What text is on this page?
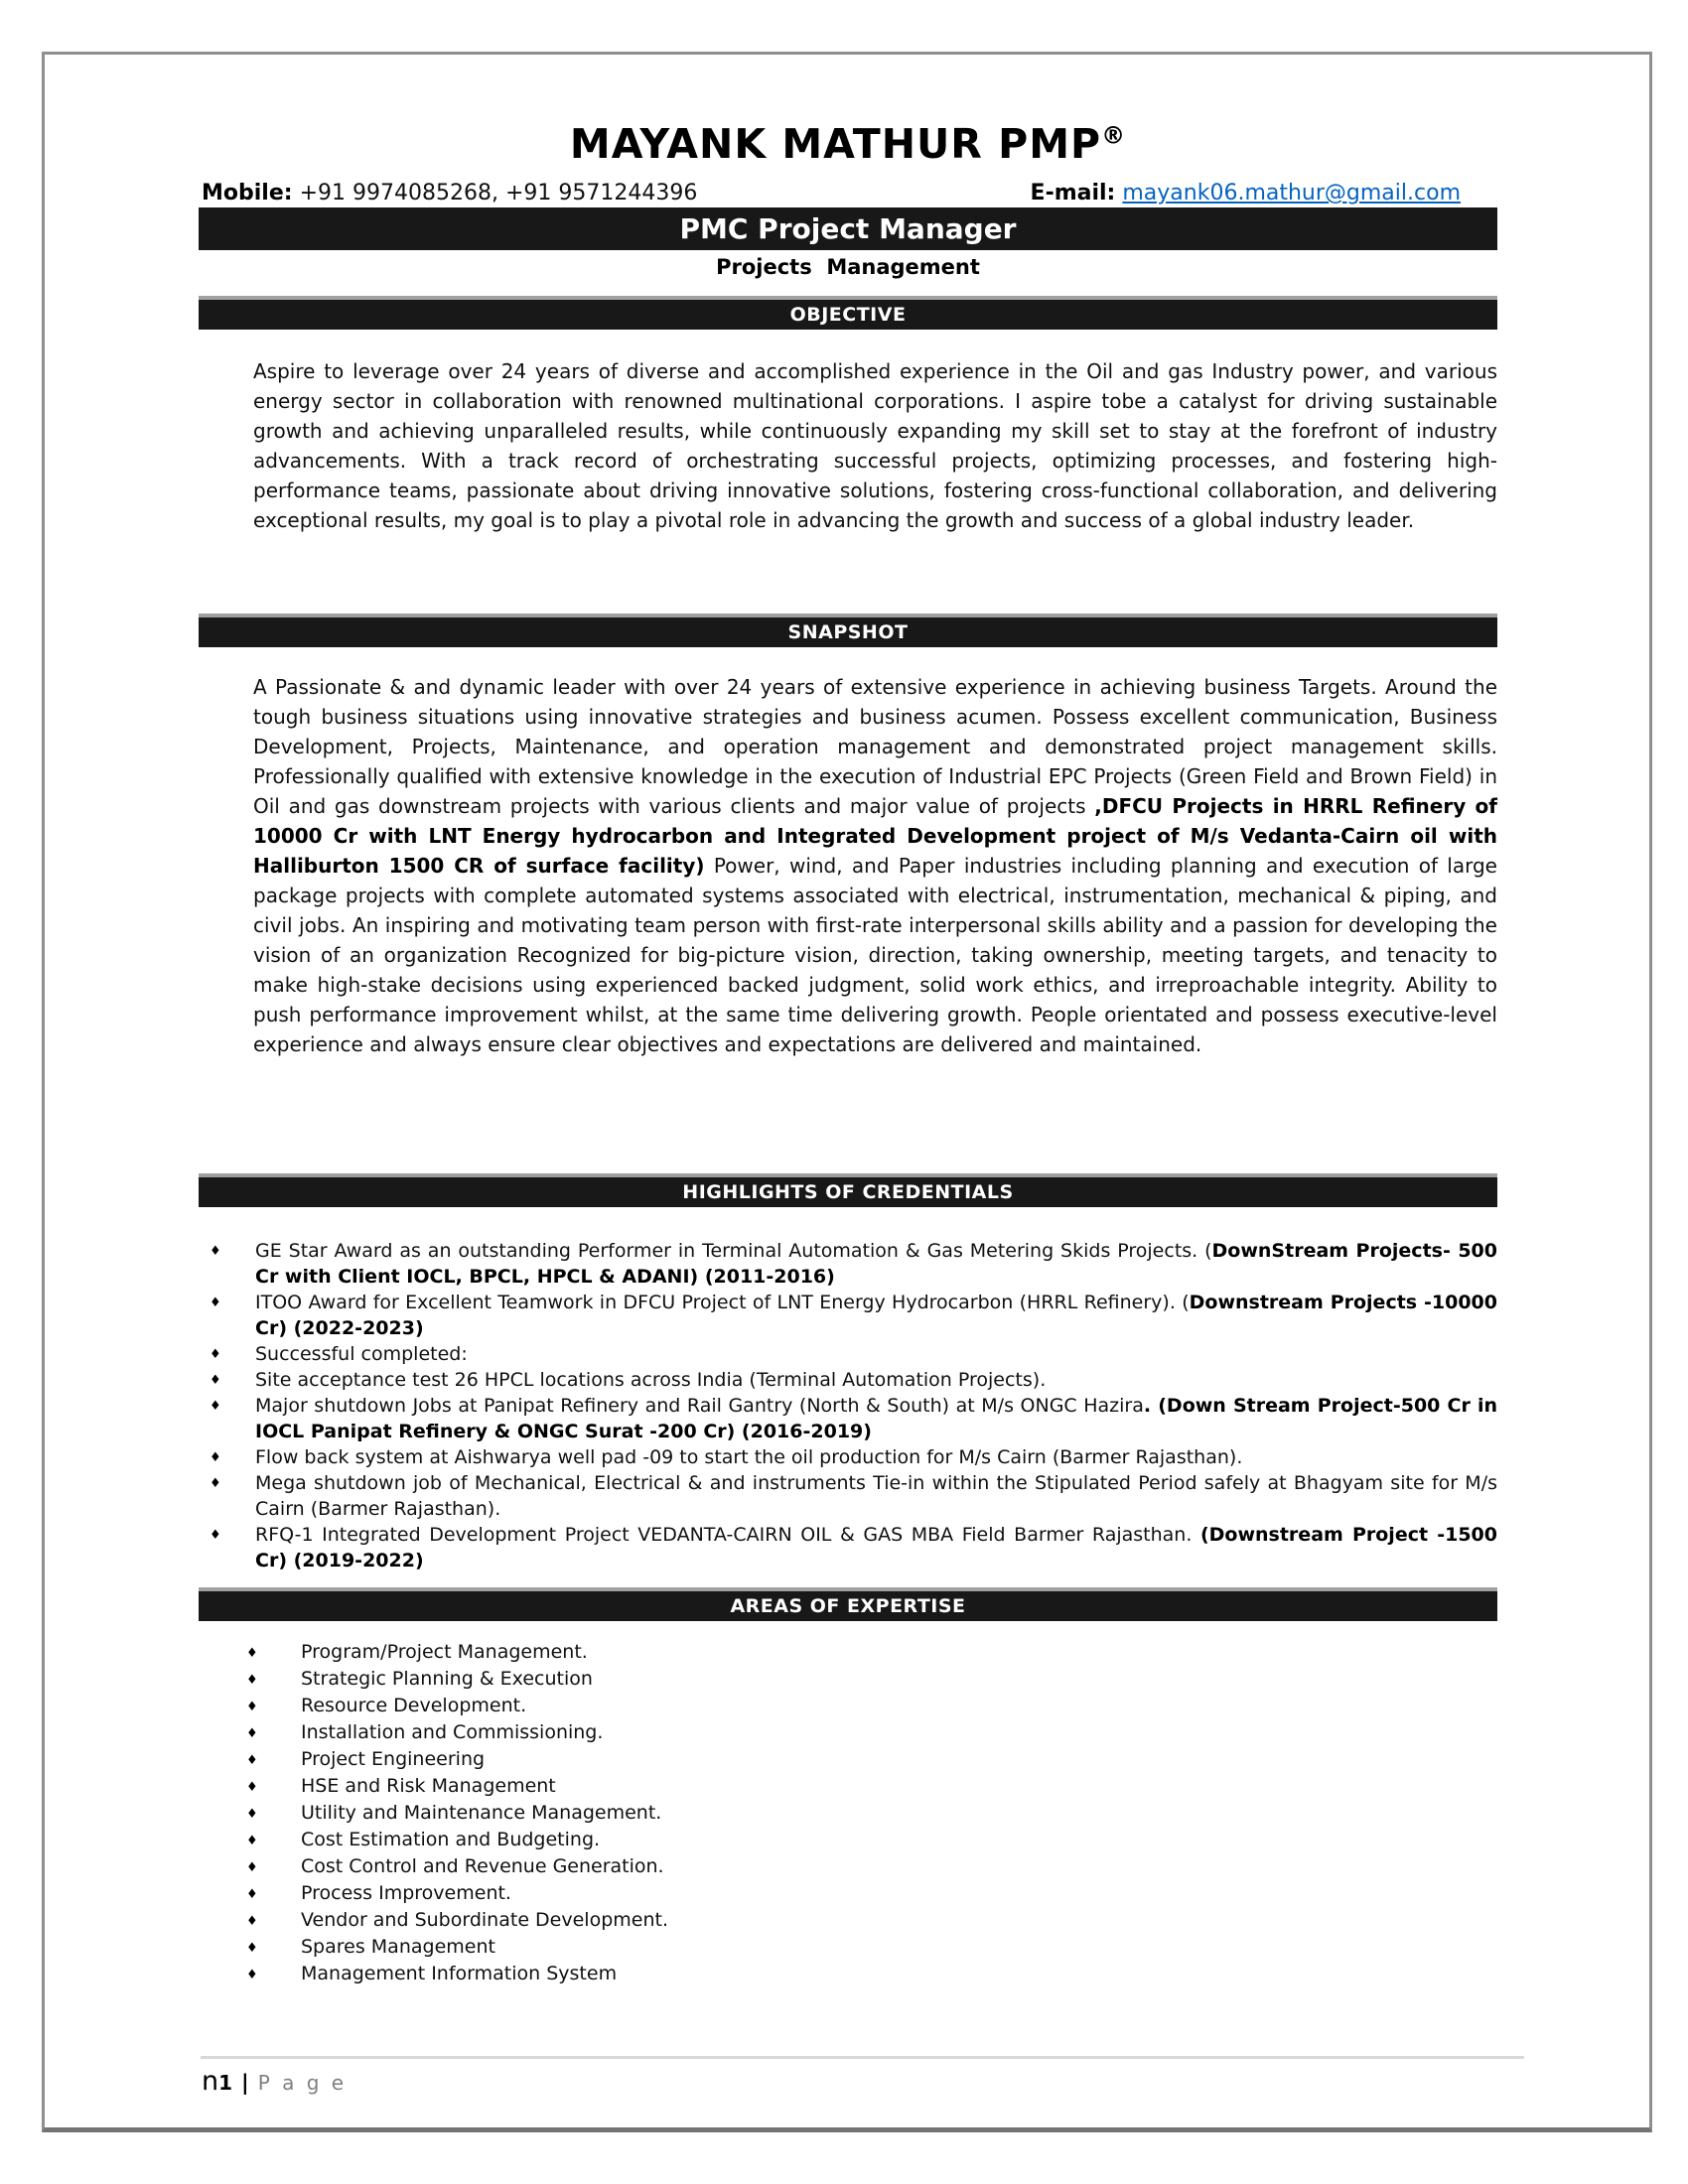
MAYANK MATHUR PMP®
Mobile: +91 9974085268, +91 9571244396	E-mail: mayank06.mathur@gmail.com
PMC Project Manager
Projects  Management
OBJECTIVE

Aspire to leverage over 24 years of diverse and accomplished experience in the Oil and gas Industry power, and various energy sector in collaboration with renowned multinational corporations. I aspire tobe a catalyst for driving sustainable growth and achieving unparalleled results, while continuously expanding my skill set to stay at the forefront of industry advancements. With a track record of orchestrating successful projects, optimizing processes, and fostering high-performance teams, passionate about driving innovative solutions, fostering cross-functional collaboration, and delivering exceptional results, my goal is to play a pivotal role in advancing the growth and success of a global industry leader.

SNAPSHOT

A Passionate & and dynamic leader with over 24 years of extensive experience in achieving business Targets. Around the tough business situations using innovative strategies and business acumen. Possess excellent communication, Business Development, Projects, Maintenance, and operation management and demonstrated project management skills. Professionally qualified with extensive knowledge in the execution of Industrial EPC Projects (Green Field and Brown Field) in Oil and gas downstream projects with various clients and major value of projects ,DFCU Projects in HRRL Refinery of 10000 Cr with LNT Energy hydrocarbon and Integrated Development project of M/s Vedanta-Cairn oil with Halliburton 1500 CR of surface facility) Power, wind, and Paper industries including planning and execution of large package projects with complete automated systems associated with electrical, instrumentation, mechanical & piping, and civil jobs. An inspiring and motivating team person with first-rate interpersonal skills ability and a passion for developing the vision of an organization Recognized for big-picture vision, direction, taking ownership, meeting targets, and tenacity to make high-stake decisions using experienced backed judgment, solid work ethics, and irreproachable integrity. Ability to push performance improvement whilst, at the same time delivering growth. People orientated and possess executive-level experience and always ensure clear objectives and expectations are delivered and maintained.

HIGHLIGHTS OF CREDENTIALS
♦ GE Star Award as an outstanding Performer in Terminal Automation & Gas Metering Skids Projects. (DownStream Projects- 500 Cr with Client IOCL, BPCL, HPCL & ADANI) (2011-2016)
♦ ITOO Award for Excellent Teamwork in DFCU Project of LNT Energy Hydrocarbon (HRRL Refinery). (Downstream Projects -10000 Cr) (2022-2023)
♦ Successful completed:
♦ Site acceptance test 26 HPCL locations across India (Terminal Automation Projects).
♦ Major shutdown Jobs at Panipat Refinery and Rail Gantry (North & South) at M/s ONGC Hazira. (Down Stream Project-500 Cr in IOCL Panipat Refinery & ONGC Surat -200 Cr) (2016-2019)
♦ Flow back system at Aishwarya well pad -09 to start the oil production for M/s Cairn (Barmer Rajasthan).
♦ Mega shutdown job of Mechanical, Electrical & and instruments Tie-in within the Stipulated Period safely at Bhagyam site for M/s Cairn (Barmer Rajasthan).
♦ RFQ-1 Integrated Development Project VEDANTA-CAIRN OIL & GAS MBA Field Barmer Rajasthan. (Downstream Project -1500 Cr) (2019-2022)
AREAS OF EXPERTISE
♦ Program/Project Management.
♦ Strategic Planning & Execution
♦ Resource Development.
♦ Installation and Commissioning.
♦ Project Engineering
♦ HSE and Risk Management
♦ Utility and Maintenance Management.
♦ Cost Estimation and Budgeting.
♦ Cost Control and Revenue Generation.
♦ Process Improvement.
♦ Vendor and Subordinate Development.
♦ Spares Management
♦ Management Information System
n1 | P a g e
